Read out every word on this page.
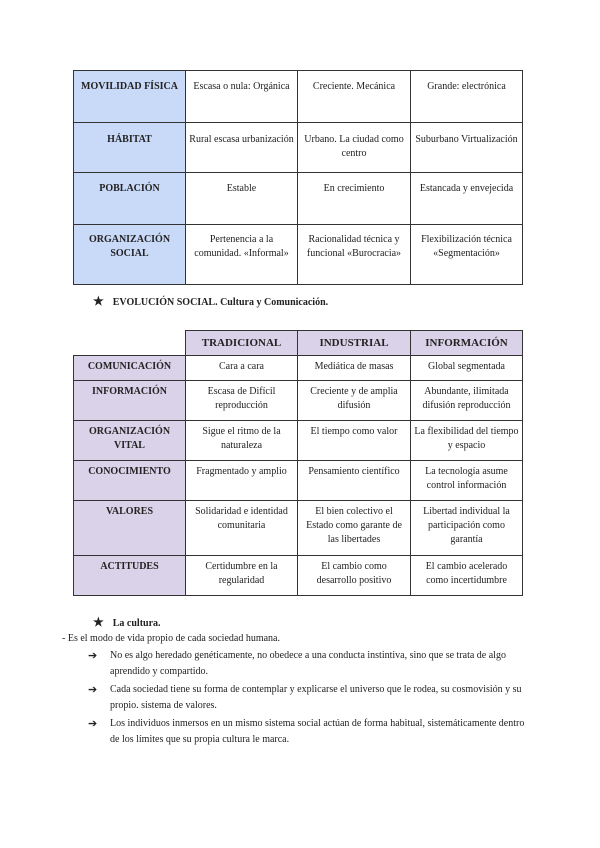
MOVILIDAD FÍSICA	Escasa o nula: Orgánica	Creciente. Mecánica	Grande: electrónica
HÁBITAT	Rural escasa urbanización	Urbano. La ciudad como centro	Suburbano Virtualización
POBLACIÓN	Estable	En crecimiento	Estancada y envejecida
ORGANIZACIÓN SOCIAL	Pertenencia a la comunidad. «Informal»	Racionalidad técnica y funcional «Burocracia»	Flexibilización técnica «Segmentación»
★ EVOLUCIÓN SOCIAL. Cultura y Comunicación.
	TRADICIONAL	INDUSTRIAL	INFORMACIÓN
COMUNICACIÓN	Cara a cara	Mediática de masas	Global segmentada
INFORMACIÓN	Escasa de Difícil reproducción	Creciente y de amplia difusión	Abundante, ilimitada difusión reproducción
ORGANIZACIÓN VITAL	Sigue el ritmo de la naturaleza	El tiempo como valor	La flexibilidad del tiempo y espacio
CONOCIMIENTO	Fragmentado y amplio	Pensamiento científico	La tecnología asume control información
VALORES	Solidaridad e identidad comunitaria	El bien colectivo el Estado como garante de las libertades	Libertad individual la participación como garantía
ACTITUDES	Certidumbre en la regularidad	El cambio como desarrollo positivo	El cambio acelerado como incertidumbre
★ La cultura.
- Es el modo de vida propio de cada sociedad humana.
➔ No es algo heredado genéticamente, no obedece a una conducta instintiva, sino que se trata de algo aprendido y compartido.
➔ Cada sociedad tiene su forma de contemplar y explicarse el universo que le rodea, su cosmovisión y su propio. sistema de valores.
➔ Los individuos inmersos en un mismo sistema social actúan de forma habitual, sistemáticamente dentro de los límites que su propia cultura le marca.
